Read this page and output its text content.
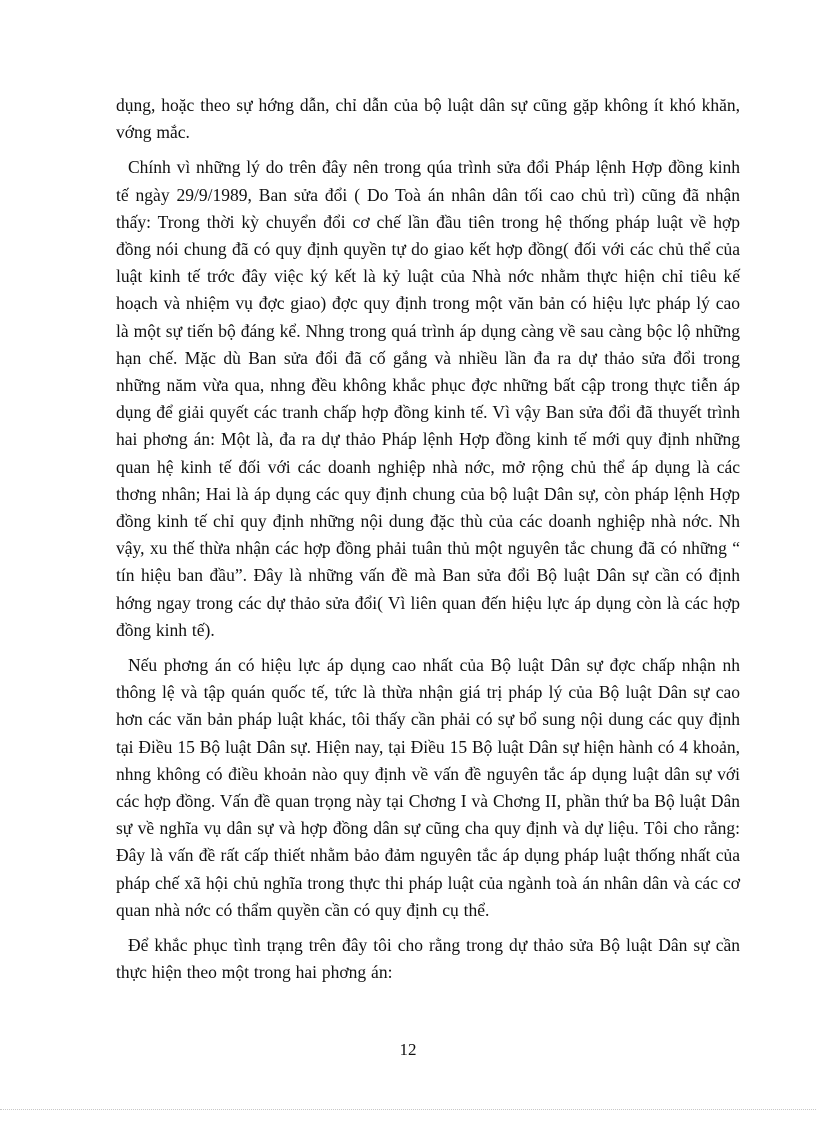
dụng, hoặc theo sự hớng dẫn, chỉ dẫn của bộ luật dân sự cũng gặp không ít khó khăn, vớng mắc.

Chính vì những lý do trên đây nên trong qúa trình sửa đổi Pháp lệnh Hợp đồng kinh tế ngày 29/9/1989, Ban sửa đổi ( Do Toà án nhân dân tối cao chủ trì) cũng đã nhận thấy: Trong thời kỳ chuyển đổi cơ chế lần đầu tiên trong hệ thống pháp luật về hợp đồng nói chung đã có quy định quyền tự do giao kết hợp đồng( đối với các chủ thể của luật kinh tế trớc đây việc ký kết là kỷ luật của Nhà nớc nhằm thực hiện chỉ tiêu kế hoạch và nhiệm vụ đợc giao) đợc quy định trong một văn bản có hiệu lực pháp lý cao là một sự tiến bộ đáng kể. Nhng trong quá trình áp dụng càng về sau càng bộc lộ những hạn chế. Mặc dù Ban sửa đổi đã cố gắng và nhiều lần đa ra dự thảo sửa đổi trong những năm vừa qua, nhng đều không khắc phục đợc những bất cập trong thực tiễn áp dụng để giải quyết các tranh chấp hợp đồng kinh tế. Vì vậy Ban sửa đổi đã thuyết trình hai phơng án: Một là, đa ra dự thảo Pháp lệnh Hợp đồng kinh tế mới quy định những quan hệ kinh tế đối với các doanh nghiệp nhà nớc, mở rộng chủ thể áp dụng là các thơng nhân; Hai là áp dụng các quy định chung của bộ luật Dân sự, còn pháp lệnh Hợp đồng kinh tế chỉ quy định những nội dung đặc thù của các doanh nghiệp nhà nớc. Nh vậy, xu thế thừa nhận các hợp đồng phải tuân thủ một nguyên tắc chung đã có những “ tín hiệu ban đầu”. Đây là những vấn đề mà Ban sửa đổi Bộ luật Dân sự cần có định hớng ngay trong các dự thảo sửa đổi( Vì liên quan đến hiệu lực áp dụng còn là các hợp đồng kinh tế).

Nếu phơng án có hiệu lực áp dụng cao nhất của Bộ luật Dân sự đợc chấp nhận nh thông lệ và tập quán quốc tế, tức là thừa nhận giá trị pháp lý của Bộ luật Dân sự cao hơn các văn bản pháp luật khác, tôi thấy cần phải có sự bổ sung nội dung các quy định tại Điều 15 Bộ luật Dân sự. Hiện nay, tại Điều 15 Bộ luật Dân sự hiện hành có 4 khoản, nhng không có điều khoản nào quy định về vấn đề nguyên tắc áp dụng luật dân sự với các hợp đồng. Vấn đề quan trọng này tại Chơng I và Chơng II, phần thứ ba Bộ luật Dân sự về nghĩa vụ dân sự và hợp đồng dân sự cũng cha quy định và dự liệu. Tôi cho rằng: Đây là vấn đề rất cấp thiết nhằm bảo đảm nguyên tắc áp dụng pháp luật thống nhất của pháp chế xã hội chủ nghĩa trong thực thi pháp luật của ngành toà án nhân dân và các cơ quan nhà nớc có thẩm quyền cần có quy định cụ thể.

Để khắc phục tình trạng trên đây tôi cho rằng trong dự thảo sửa Bộ luật Dân sự cần thực hiện theo một trong hai phơng án:

12
